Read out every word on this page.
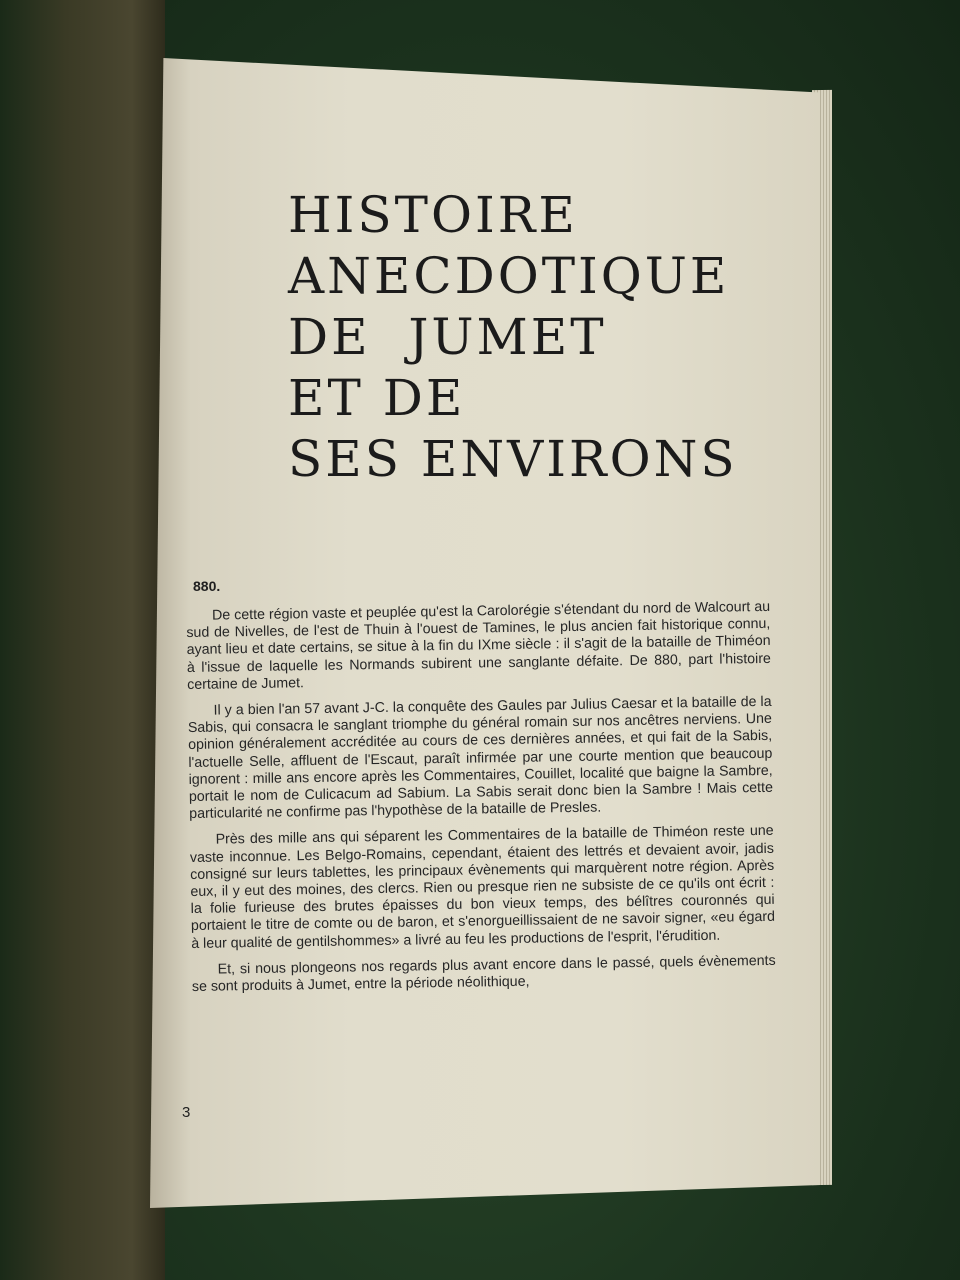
HISTOIRE
ANECDOTIQUE
DE  JUMET
ET DE
SES ENVIRONS

880.

De cette région vaste et peuplée qu'est la Carolorégie s'étendant du nord de Walcourt au sud de Nivelles, de l'est de Thuin à l'ouest de Tamines, le plus ancien fait historique connu, ayant lieu et date certains, se situe à la fin du IXme siècle : il s'agit de la bataille de Thiméon à l'issue de laquelle les Normands subirent une sanglante défaite. De 880, part l'histoire certaine de Jumet.

Il y a bien l'an 57 avant J-C. la conquête des Gaules par Julius Caesar et la bataille de la Sabis, qui consacra le sanglant triomphe du général romain sur nos ancêtres nerviens. Une opinion généralement accréditée au cours de ces dernières années, et qui fait de la Sabis, l'actuelle Selle, affluent de l'Escaut, paraît infirmée par une courte mention que beaucoup ignorent : mille ans encore après les Commentaires, Couillet, localité que baigne la Sambre, portait le nom de Culicacum ad Sabium. La Sabis serait donc bien la Sambre ! Mais cette particularité ne confirme pas l'hypothèse de la bataille de Presles.

Près des mille ans qui séparent les Commentaires de la bataille de Thiméon reste une vaste inconnue. Les Belgo-Romains, cependant, étaient des lettrés et devaient avoir, jadis consigné sur leurs tablettes, les principaux évènements qui marquèrent notre région. Après eux, il y eut des moines, des clercs. Rien ou presque rien ne subsiste de ce qu'ils ont écrit : la folie furieuse des brutes épaisses du bon vieux temps, des bélîtres couronnés qui portaient le titre de comte ou de baron, et s'enorgueillissaient de ne savoir signer, «eu égard à leur qualité de gentilshommes» a livré au feu les productions de l'esprit, l'érudition.

Et, si nous plongeons nos regards plus avant encore dans le passé, quels évènements se sont produits à Jumet, entre la période néolithique,

3
